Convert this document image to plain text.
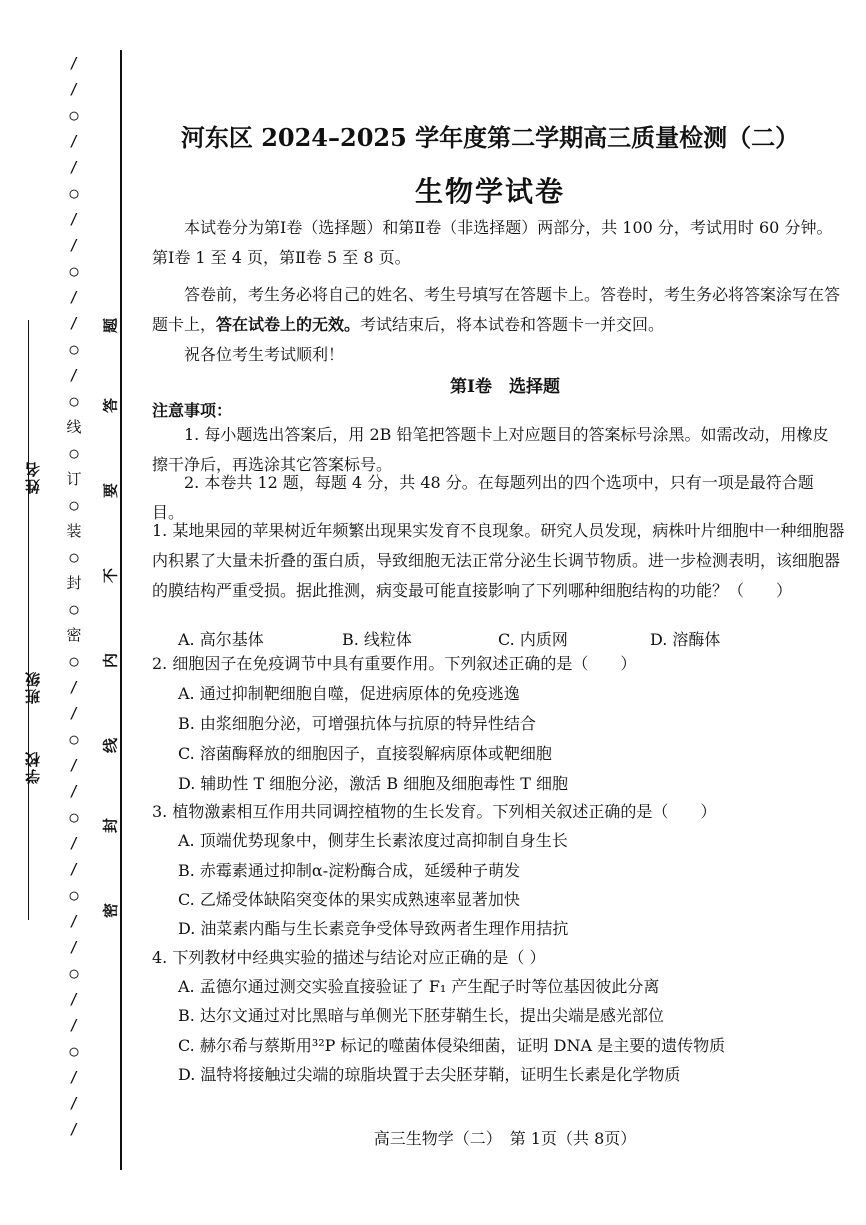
学校
班级
姓名
/
/
○
/
/
○
/
/
○
/
/
○
/
○
线
○
订
○
装
○
封
○
密
○
/
/
○
/
/
○
/
/
○
/
/
○
/
/
○
/
/
/
密
封
线
内
不
要
答
题
河东区 2024–2025 学年度第二学期高三质量检测（二）
生物学试卷
本试卷分为第Ⅰ卷（选择题）和第Ⅱ卷（非选择题）两部分，共 100 分，考试用时 60 分钟。第Ⅰ卷 1 至 4 页，第Ⅱ卷 5 至 8 页。
答卷前，考生务必将自己的姓名、考生号填写在答题卡上。答卷时，考生务必将答案涂写在答题卡上，答在试卷上的无效。考试结束后，将本试卷和答题卡一并交回。
祝各位考生考试顺利！
第Ⅰ卷　选择题
注意事项：
1. 每小题选出答案后，用 2B 铅笔把答题卡上对应题目的答案标号涂黑。如需改动，用橡皮擦干净后，再选涂其它答案标号。
2. 本卷共 12 题，每题 4 分，共 48 分。在每题列出的四个选项中，只有一项是最符合题目。
1. 某地果园的苹果树近年频繁出现果实发育不良现象。研究人员发现，病株叶片细胞中一种细胞器内积累了大量未折叠的蛋白质，导致细胞无法正常分泌生长调节物质。进一步检测表明，该细胞器的膜结构严重受损。据此推测，病变最可能直接影响了下列哪种细胞结构的功能？（　　）
A. 高尔基体	B. 线粒体	C. 内质网	D. 溶酶体
2. 细胞因子在免疫调节中具有重要作用。下列叙述正确的是（　　）
A. 通过抑制靶细胞自噬，促进病原体的免疫逃逸
B. 由浆细胞分泌，可增强抗体与抗原的特异性结合
C. 溶菌酶释放的细胞因子，直接裂解病原体或靶细胞
D. 辅助性 T 细胞分泌，激活 B 细胞及细胞毒性 T 细胞
3. 植物激素相互作用共同调控植物的生长发育。下列相关叙述正确的是（　　）
A. 顶端优势现象中，侧芽生长素浓度过高抑制自身生长
B. 赤霉素通过抑制α-淀粉酶合成，延缓种子萌发
C. 乙烯受体缺陷突变体的果实成熟速率显著加快
D. 油菜素内酯与生长素竞争受体导致两者生理作用拮抗
4. 下列教材中经典实验的描述与结论对应正确的是（ ）
A. 孟德尔通过测交实验直接验证了 F₁ 产生配子时等位基因彼此分离
B. 达尔文通过对比黑暗与单侧光下胚芽鞘生长，提出尖端是感光部位
C. 赫尔希与蔡斯用³²P 标记的噬菌体侵染细菌，证明 DNA 是主要的遗传物质
D. 温特将接触过尖端的琼脂块置于去尖胚芽鞘，证明生长素是化学物质
高三生物学（二）　第 1页（共 8页）
